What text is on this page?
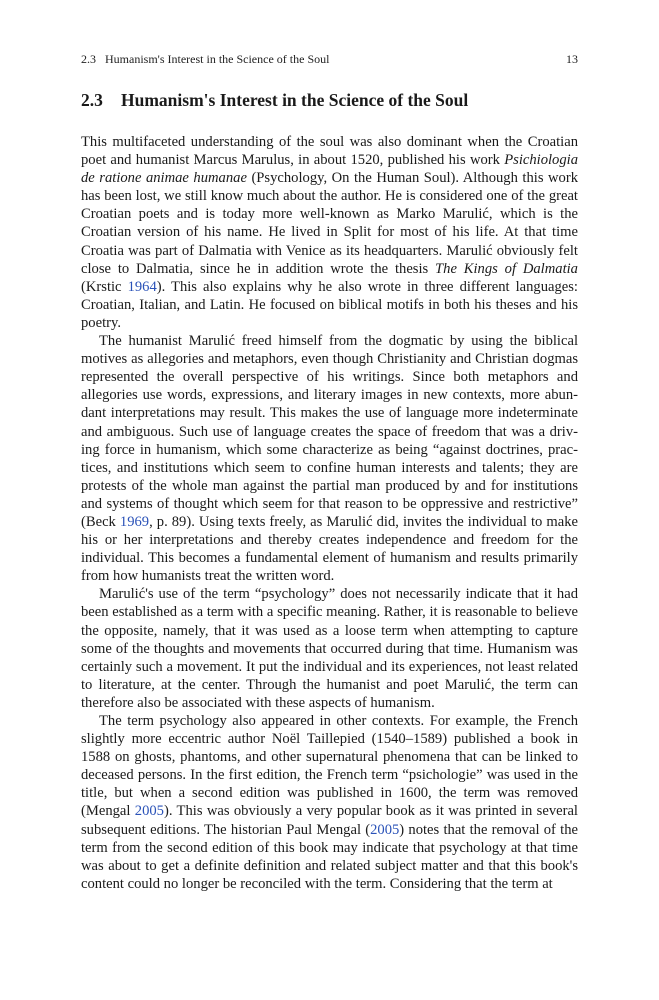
2.3   Humanism's Interest in the Science of the Soul	13
2.3 Humanism's Interest in the Science of the Soul

This multifaceted understanding of the soul was also dominant when the Croatian poet and humanist Marcus Marulus, in about 1520, published his work Psichiologia de ratione animae humanae (Psychology, On the Human Soul). Although this work has been lost, we still know much about the author. He is considered one of the great Croatian poets and is today more well-known as Marko Marulić, which is the Croatian version of his name. He lived in Split for most of his life. At that time Croatia was part of Dalmatia with Venice as its headquarters. Marulić obviously felt close to Dalmatia, since he in addition wrote the thesis The Kings of Dalmatia (Krstic 1964). This also explains why he also wrote in three different languages: Croatian, Italian, and Latin. He focused on biblical motifs in both his theses and his poetry.

The humanist Marulić freed himself from the dogmatic by using the biblical motives as allegories and metaphors, even though Christianity and Christian dogmas represented the overall perspective of his writings. Since both metaphors and allegories use words, expressions, and literary images in new contexts, more abundant interpretations may result. This makes the use of language more indeterminate and ambiguous. Such use of language creates the space of freedom that was a driving force in humanism, which some characterize as being “against doctrines, practices, and institutions which seem to confine human interests and talents; they are protests of the whole man against the partial man produced by and for institutions and systems of thought which seem for that reason to be oppressive and restrictive” (Beck 1969, p. 89). Using texts freely, as Marulić did, invites the individual to make his or her interpretations and thereby creates independence and freedom for the individual. This becomes a fundamental element of humanism and results primarily from how humanists treat the written word.

Marulić's use of the term “psychology” does not necessarily indicate that it had been established as a term with a specific meaning. Rather, it is reasonable to believe the opposite, namely, that it was used as a loose term when attempting to capture some of the thoughts and movements that occurred during that time. Humanism was certainly such a movement. It put the individual and its experiences, not least related to literature, at the center. Through the humanist and poet Marulić, the term can therefore also be associated with these aspects of humanism.

The term psychology also appeared in other contexts. For example, the French slightly more eccentric author Noël Taillepied (1540–1589) published a book in 1588 on ghosts, phantoms, and other supernatural phenomena that can be linked to deceased persons. In the first edition, the French term “psichologie” was used in the title, but when a second edition was published in 1600, the term was removed (Mengal 2005). This was obviously a very popular book as it was printed in several subsequent editions. The historian Paul Mengal (2005) notes that the removal of the term from the second edition of this book may indicate that psychology at that time was about to get a definite definition and related subject matter and that this book's content could no longer be reconciled with the term. Considering that the term at
